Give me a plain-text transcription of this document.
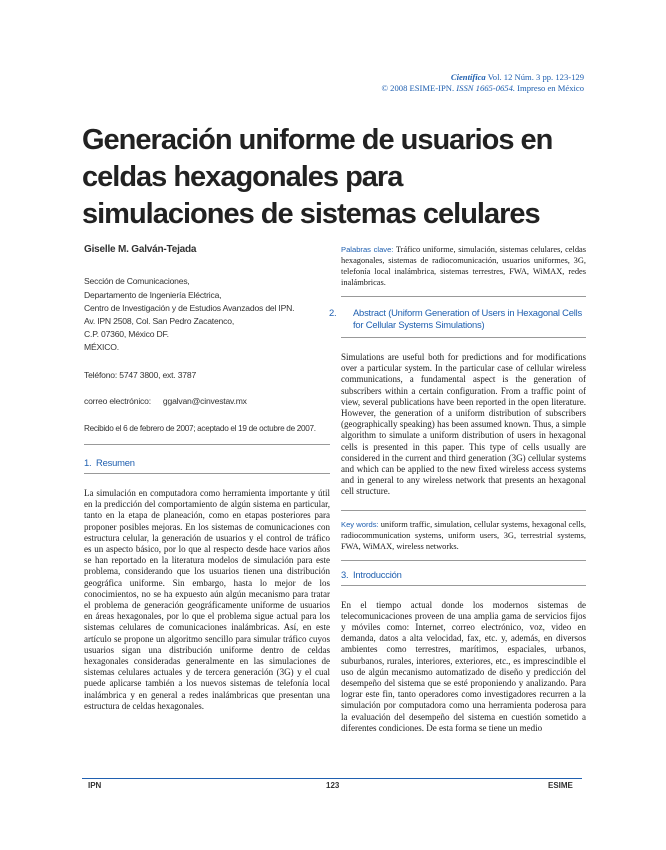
Científica Vol. 12 Núm. 3 pp. 123-129
© 2008 ESIME-IPN. ISSN 1665-0654. Impreso en México
Generación uniforme de usuarios en celdas hexagonales para simulaciones de sistemas celulares
Giselle M. Galván-Tejada
Sección de Comunicaciones,
Departamento de Ingeniería Eléctrica,
Centro de Investigación y de Estudios Avanzados del IPN.
Av. IPN 2508, Col. San Pedro Zacatenco,
C.P. 07360, México DF.
MÉXICO.
Teléfono: 5747 3800, ext. 3787
correo electrónico: ggalvan@cinvestav.mx
Recibido el 6 de febrero de 2007; aceptado el 19 de octubre de 2007.

1. Resumen

La simulación en computadora como herramienta importante y útil en la predicción del comportamiento de algún sistema en particular, tanto en la etapa de planeación, como en etapas posteriores para proponer posibles mejoras. En los sistemas de comunicaciones con estructura celular, la generación de usuarios y el control de tráfico es un aspecto básico, por lo que al respecto desde hace varios años se han reportado en la literatura modelos de simulación para este problema, considerando que los usuarios tienen una distribución geográfica uniforme. Sin embargo, hasta lo mejor de los conocimientos, no se ha expuesto aún algún mecanismo para tratar el problema de generación geográficamente uniforme de usuarios en áreas hexagonales, por lo que el problema sigue actual para los sistemas celulares de comunicaciones inalámbricas. Así, en este artículo se propone un algoritmo sencillo para simular tráfico cuyos usuarios sigan una distribución uniforme dentro de celdas hexagonales consideradas generalmente en las simulaciones de sistemas celulares actuales y de tercera generación (3G) y el cual puede aplicarse también a los nuevos sistemas de telefonía local inalámbrica y en general a redes inalámbricas que presentan una estructura de celdas hexagonales.

Palabras clave: Tráfico uniforme, simulación, sistemas celulares, celdas hexagonales, sistemas de radiocomunicación, usuarios uniformes, 3G, telefonía local inalámbrica, sistemas terrestres, FWA, WiMAX, redes inalámbricas.

2. Abstract (Uniform Generation of Users in Hexagonal Cells for Cellular Systems Simulations)

Simulations are useful both for predictions and for modifications over a particular system. In the particular case of cellular wireless communications, a fundamental aspect is the generation of subscribers within a certain configuration. From a traffic point of view, several publications have been reported in the open literature. However, the generation of a uniform distribution of subscribers (geographically speaking) has been assumed known. Thus, a simple algorithm to simulate a uniform distribution of users in hexagonal cells is presented in this paper. This type of cells usually are considered in the current and third generation (3G) cellular systems and which can be applied to the new fixed wireless access systems and in general to any wireless network that presents an hexagonal cell structure.

Key words: uniform traffic, simulation, cellular systems, hexagonal cells, radiocommunication systems, uniform users, 3G, terrestrial systems, FWA, WiMAX, wireless networks.

3. Introducción

En el tiempo actual donde los modernos sistemas de telecomunicaciones proveen de una amplia gama de servicios fijos y móviles como: Internet, correo electrónico, voz, video en demanda, datos a alta velocidad, fax, etc. y, además, en diversos ambientes como terrestres, marítimos, espaciales, urbanos, suburbanos, rurales, interiores, exteriores, etc., es imprescindible el uso de algún mecanismo automatizado de diseño y predicción del desempeño del sistema que se esté proponiendo y analizando. Para lograr este fin, tanto operadores como investigadores recurren a la simulación por computadora como una herramienta poderosa para la evaluación del desempeño del sistema en cuestión sometido a diferentes condiciones. De esta forma se tiene un medio

IPN	123	ESIME
